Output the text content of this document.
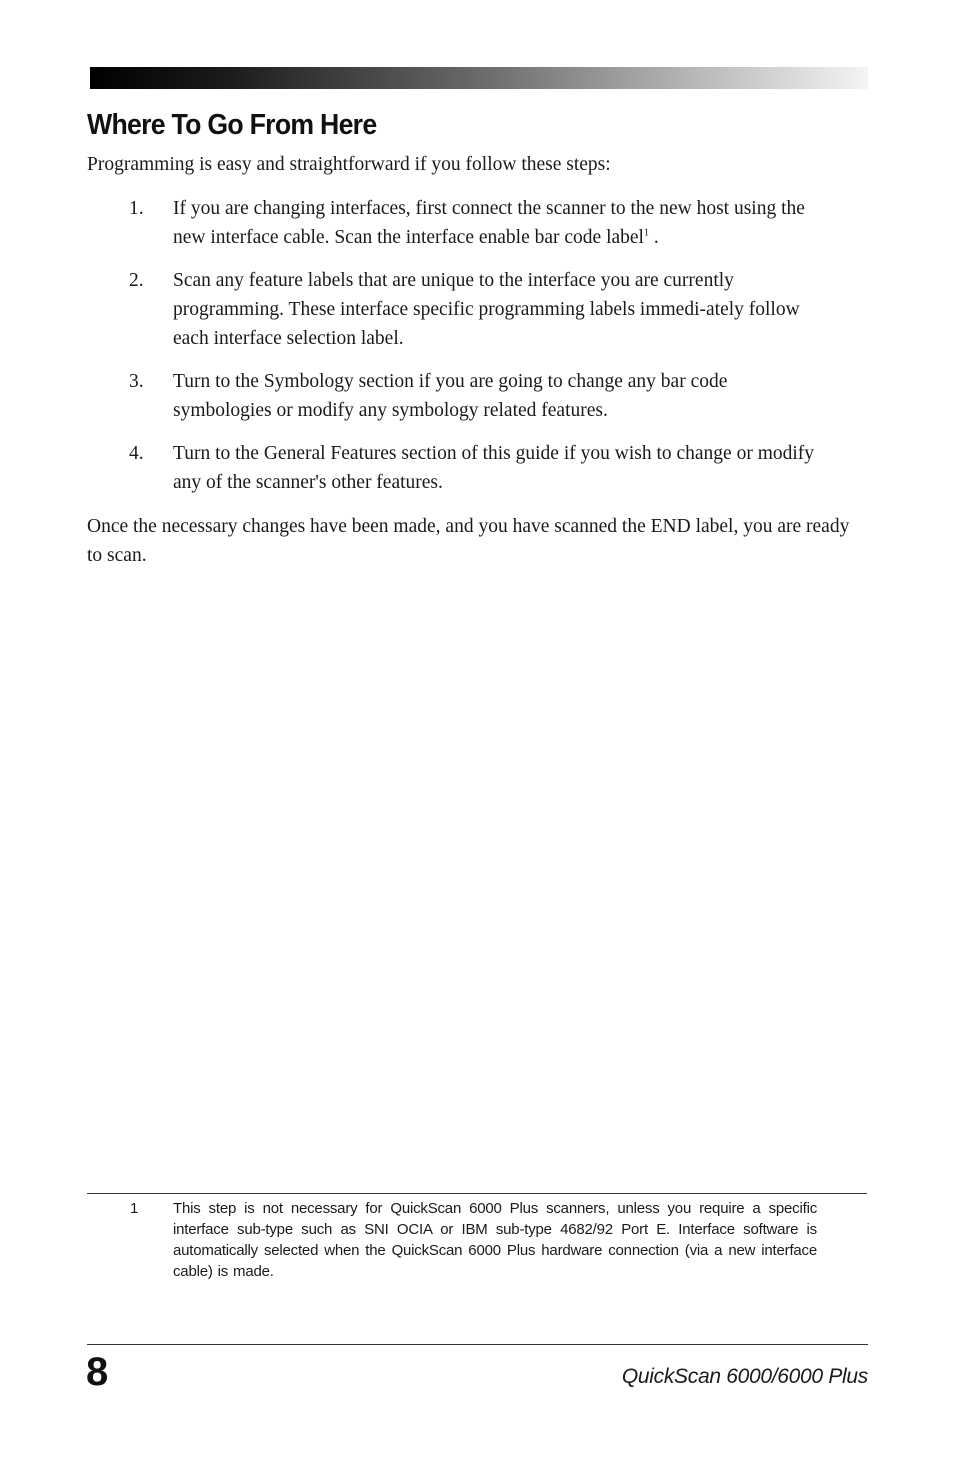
Where To Go From Here

Programming is easy and straightforward if you follow these steps:

1. If you are changing interfaces, first connect the scanner to the new host using the new interface cable. Scan the interface enable bar code label$^1$ .
2. Scan any feature labels that are unique to the interface you are currently programming. These interface specific programming labels immedi-ately follow each interface selection label.
3. Turn to the Symbology section if you are going to change any bar code symbologies or modify any symbology related features.
4. Turn to the General Features section of this guide if you wish to change or modify any of the scanner's other features.

Once the necessary changes have been made, and you have scanned the END label, you are ready to scan.

1 This step is not necessary for QuickScan 6000 Plus scanners, unless you require a specific interface sub-type such as SNI OCIA or IBM sub-type 4682/92 Port E. Interface software is automatically selected when the QuickScan 6000 Plus hardware connection (via a new interface cable) is made.
8	QuickScan 6000/6000 Plus
